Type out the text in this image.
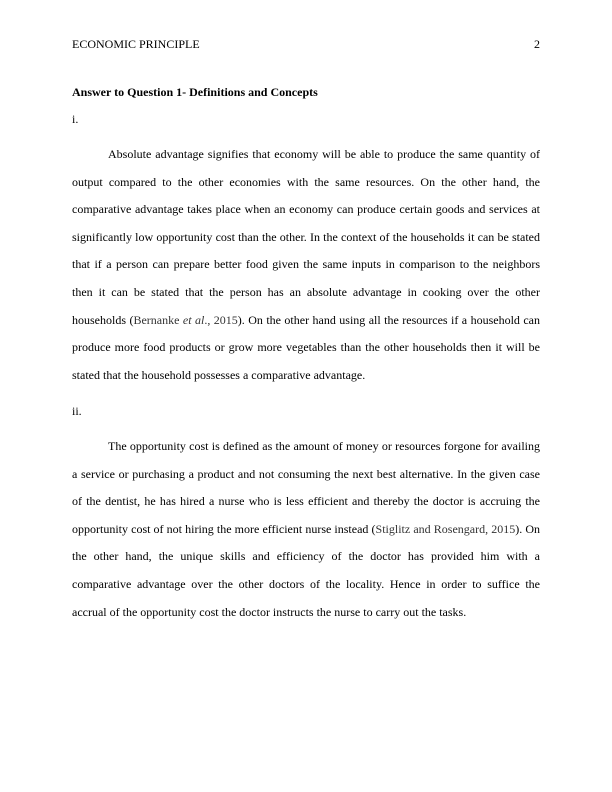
ECONOMIC PRINCIPLE	2
Answer to Question 1- Definitions and Concepts
i.

Absolute advantage signifies that economy will be able to produce the same quantity of output compared to the other economies with the same resources. On the other hand, the comparative advantage takes place when an economy can produce certain goods and services at significantly low opportunity cost than the other. In the context of the households it can be stated that if a person can prepare better food given the same inputs in comparison to the neighbors then it can be stated that the person has an absolute advantage in cooking over the other households (Bernanke et al., 2015). On the other hand using all the resources if a household can produce more food products or grow more vegetables than the other households then it will be stated that the household possesses a comparative advantage.

ii.

The opportunity cost is defined as the amount of money or resources forgone for availing a service or purchasing a product and not consuming the next best alternative. In the given case of the dentist, he has hired a nurse who is less efficient and thereby the doctor is accruing the opportunity cost of not hiring the more efficient nurse instead (Stiglitz and Rosengard, 2015). On the other hand, the unique skills and efficiency of the doctor has provided him with a comparative advantage over the other doctors of the locality. Hence in order to suffice the accrual of the opportunity cost the doctor instructs the nurse to carry out the tasks.
